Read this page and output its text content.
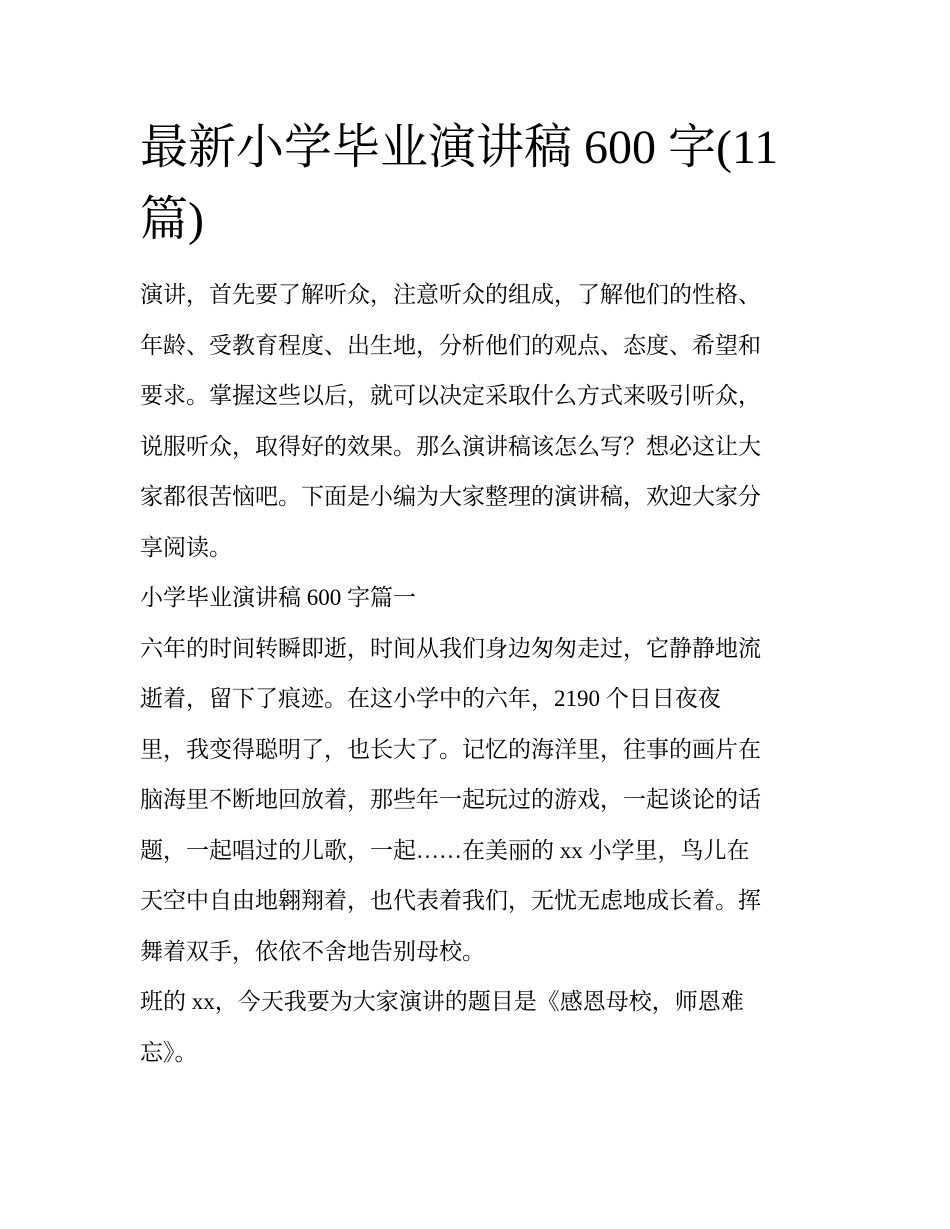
最新小学毕业演讲稿 600 字(11
篇)

演讲，首先要了解听众，注意听众的组成，了解他们的性格、
年龄、受教育程度、出生地，分析他们的观点、态度、希望和
要求。掌握这些以后，就可以决定采取什么方式来吸引听众，
说服听众，取得好的效果。那么演讲稿该怎么写？想必这让大
家都很苦恼吧。下面是小编为大家整理的演讲稿，欢迎大家分
享阅读。

小学毕业演讲稿 600 字篇一

六年的时间转瞬即逝，时间从我们身边匆匆走过，它静静地流
逝着，留下了痕迹。在这小学中的六年，2190 个日日夜夜
里，我变得聪明了，也长大了。记忆的海洋里，往事的画片在
脑海里不断地回放着，那些年一起玩过的游戏，一起谈论的话
题，一起唱过的儿歌，一起……在美丽的 xx 小学里，鸟儿在
天空中自由地翱翔着，也代表着我们，无忧无虑地成长着。挥
舞着双手，依依不舍地告别母校。

班的 xx，今天我要为大家演讲的题目是《感恩母校，师恩难
忘》。
